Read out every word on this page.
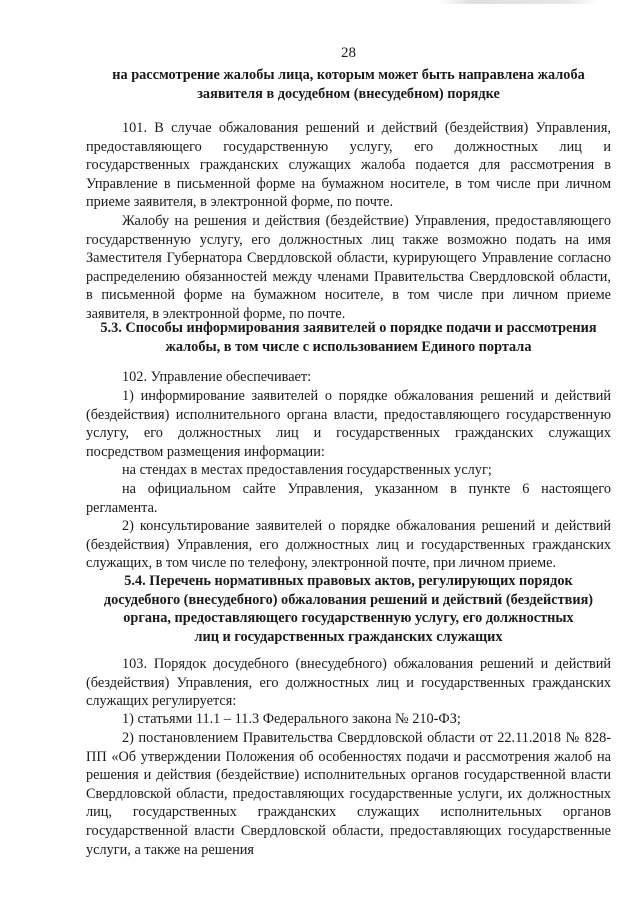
28
на рассмотрение жалобы лица, которым может быть направлена жалоба
заявителя в досудебном (внесудебном) порядке
101. В случае обжалования решений и действий (бездействия) Управления, предоставляющего государственную услугу, его должностных лиц и государственных гражданских служащих жалоба подается для рассмотрения в Управление в письменной форме на бумажном носителе, в том числе при личном приеме заявителя, в электронной форме, по почте.
Жалобу на решения и действия (бездействие) Управления, предоставляющего государственную услугу, его должностных лиц также возможно подать на имя Заместителя Губернатора Свердловской области, курирующего Управление согласно распределению обязанностей между членами Правительства Свердловской области, в письменной форме на бумажном носителе, в том числе при личном приеме заявителя, в электронной форме, по почте.
5.3. Способы информирования заявителей о порядке подачи и рассмотрения
жалобы, в том числе с использованием Единого портала
102. Управление обеспечивает:
1) информирование заявителей о порядке обжалования решений и действий (бездействия) исполнительного органа власти, предоставляющего государственную услугу, его должностных лиц и государственных гражданских служащих посредством размещения информации:
на стендах в местах предоставления государственных услуг;
на официальном сайте Управления, указанном в пункте 6 настоящего регламента.
2) консультирование заявителей о порядке обжалования решений и действий (бездействия) Управления, его должностных лиц и государственных гражданских служащих, в том числе по телефону, электронной почте, при личном приеме.
5.4. Перечень нормативных правовых актов, регулирующих порядок
досудебного (внесудебного) обжалования решений и действий (бездействия)
органа, предоставляющего государственную услугу, его должностных
лиц и государственных гражданских служащих
103. Порядок досудебного (внесудебного) обжалования решений и действий (бездействия) Управления, его должностных лиц и государственных гражданских служащих регулируется:
1) статьями 11.1 – 11.3 Федерального закона № 210-ФЗ;
2) постановлением Правительства Свердловской области от 22.11.2018 № 828-ПП «Об утверждении Положения об особенностях подачи и рассмотрения жалоб на решения и действия (бездействие) исполнительных органов государственной власти Свердловской области, предоставляющих государственные услуги, их должностных лиц, государственных гражданских служащих исполнительных органов государственной власти Свердловской области, предоставляющих государственные услуги, а также на решения
